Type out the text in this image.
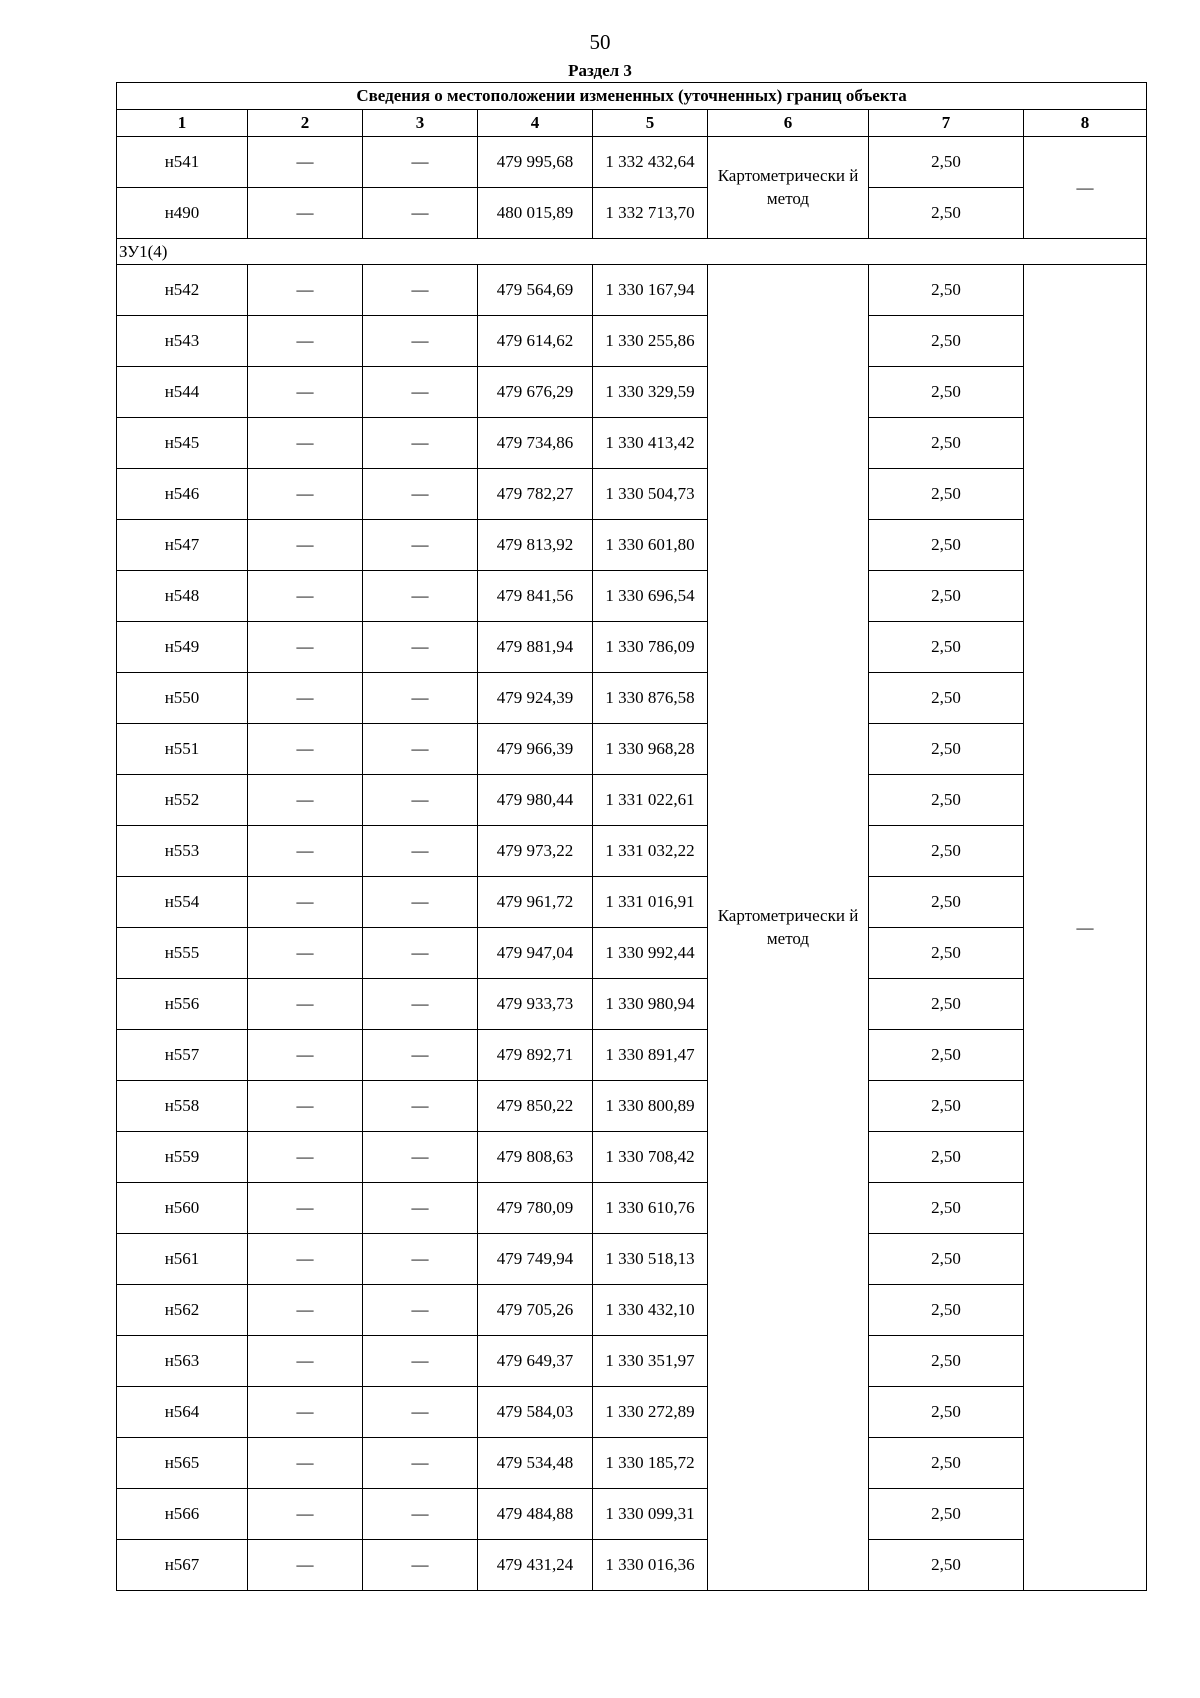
50
Раздел 3
Сведения о местоположении измененных (уточненных) границ объекта							
1	2	3	4	5	6	7	8
н541	—	—	479 995,68	1 332 432,64	Картометрически й метод	2,50	—
н490	—	—	480 015,89	1 332 713,70		2,50	
ЗУ1(4)							
н542	—	—	479 564,69	1 330 167,94	Картометрически й метод	2,50	—
н543	—	—	479 614,62	1 330 255,86		2,50	
н544	—	—	479 676,29	1 330 329,59		2,50	
н545	—	—	479 734,86	1 330 413,42		2,50	
н546	—	—	479 782,27	1 330 504,73		2,50	
н547	—	—	479 813,92	1 330 601,80		2,50	
н548	—	—	479 841,56	1 330 696,54		2,50	
н549	—	—	479 881,94	1 330 786,09		2,50	
н550	—	—	479 924,39	1 330 876,58		2,50	
н551	—	—	479 966,39	1 330 968,28		2,50	
н552	—	—	479 980,44	1 331 022,61		2,50	
н553	—	—	479 973,22	1 331 032,22		2,50	
н554	—	—	479 961,72	1 331 016,91		2,50	
н555	—	—	479 947,04	1 330 992,44		2,50	
н556	—	—	479 933,73	1 330 980,94		2,50	
н557	—	—	479 892,71	1 330 891,47		2,50	
н558	—	—	479 850,22	1 330 800,89		2,50	
н559	—	—	479 808,63	1 330 708,42		2,50	
н560	—	—	479 780,09	1 330 610,76		2,50	
н561	—	—	479 749,94	1 330 518,13		2,50	
н562	—	—	479 705,26	1 330 432,10		2,50	
н563	—	—	479 649,37	1 330 351,97		2,50	
н564	—	—	479 584,03	1 330 272,89		2,50	
н565	—	—	479 534,48	1 330 185,72		2,50	
н566	—	—	479 484,88	1 330 099,31		2,50	
н567	—	—	479 431,24	1 330 016,36		2,50	
